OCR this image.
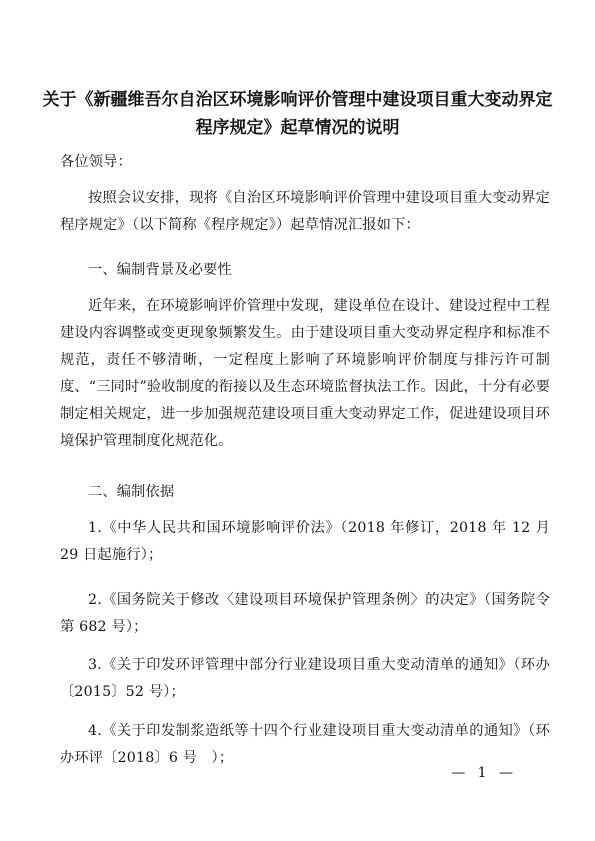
关于《新疆维吾尔自治区环境影响评价管理中建设项目重大变动界定
程序规定》起草情况的说明
各位领导：
按照会议安排，现将《自治区环境影响评价管理中建设项目重大变动界定程序规定》（以下简称《程序规定》）起草情况汇报如下：
一、编制背景及必要性
近年来，在环境影响评价管理中发现，建设单位在设计、建设过程中工程建设内容调整或变更现象频繁发生。由于建设项目重大变动界定程序和标准不规范，责任不够清晰，一定程度上影响了环境影响评价制度与排污许可制度、“三同时”验收制度的衔接以及生态环境监督执法工作。因此，十分有必要制定相关规定，进一步加强规范建设项目重大变动界定工作，促进建设项目环境保护管理制度化规范化。
二、编制依据
1.《中华人民共和国环境影响评价法》（2018 年修订，2018 年 12 月 29 日起施行）；
2.《国务院关于修改〈建设项目环境保护管理条例〉的决定》（国务院令　第 682 号）；
3.《关于印发环评管理中部分行业建设项目重大变动清单的通知》（环办〔2015〕52 号）；
4.《关于印发制浆造纸等十四个行业建设项目重大变动清单的通知》（环办环评〔2018〕6 号　）；
— 1 —
